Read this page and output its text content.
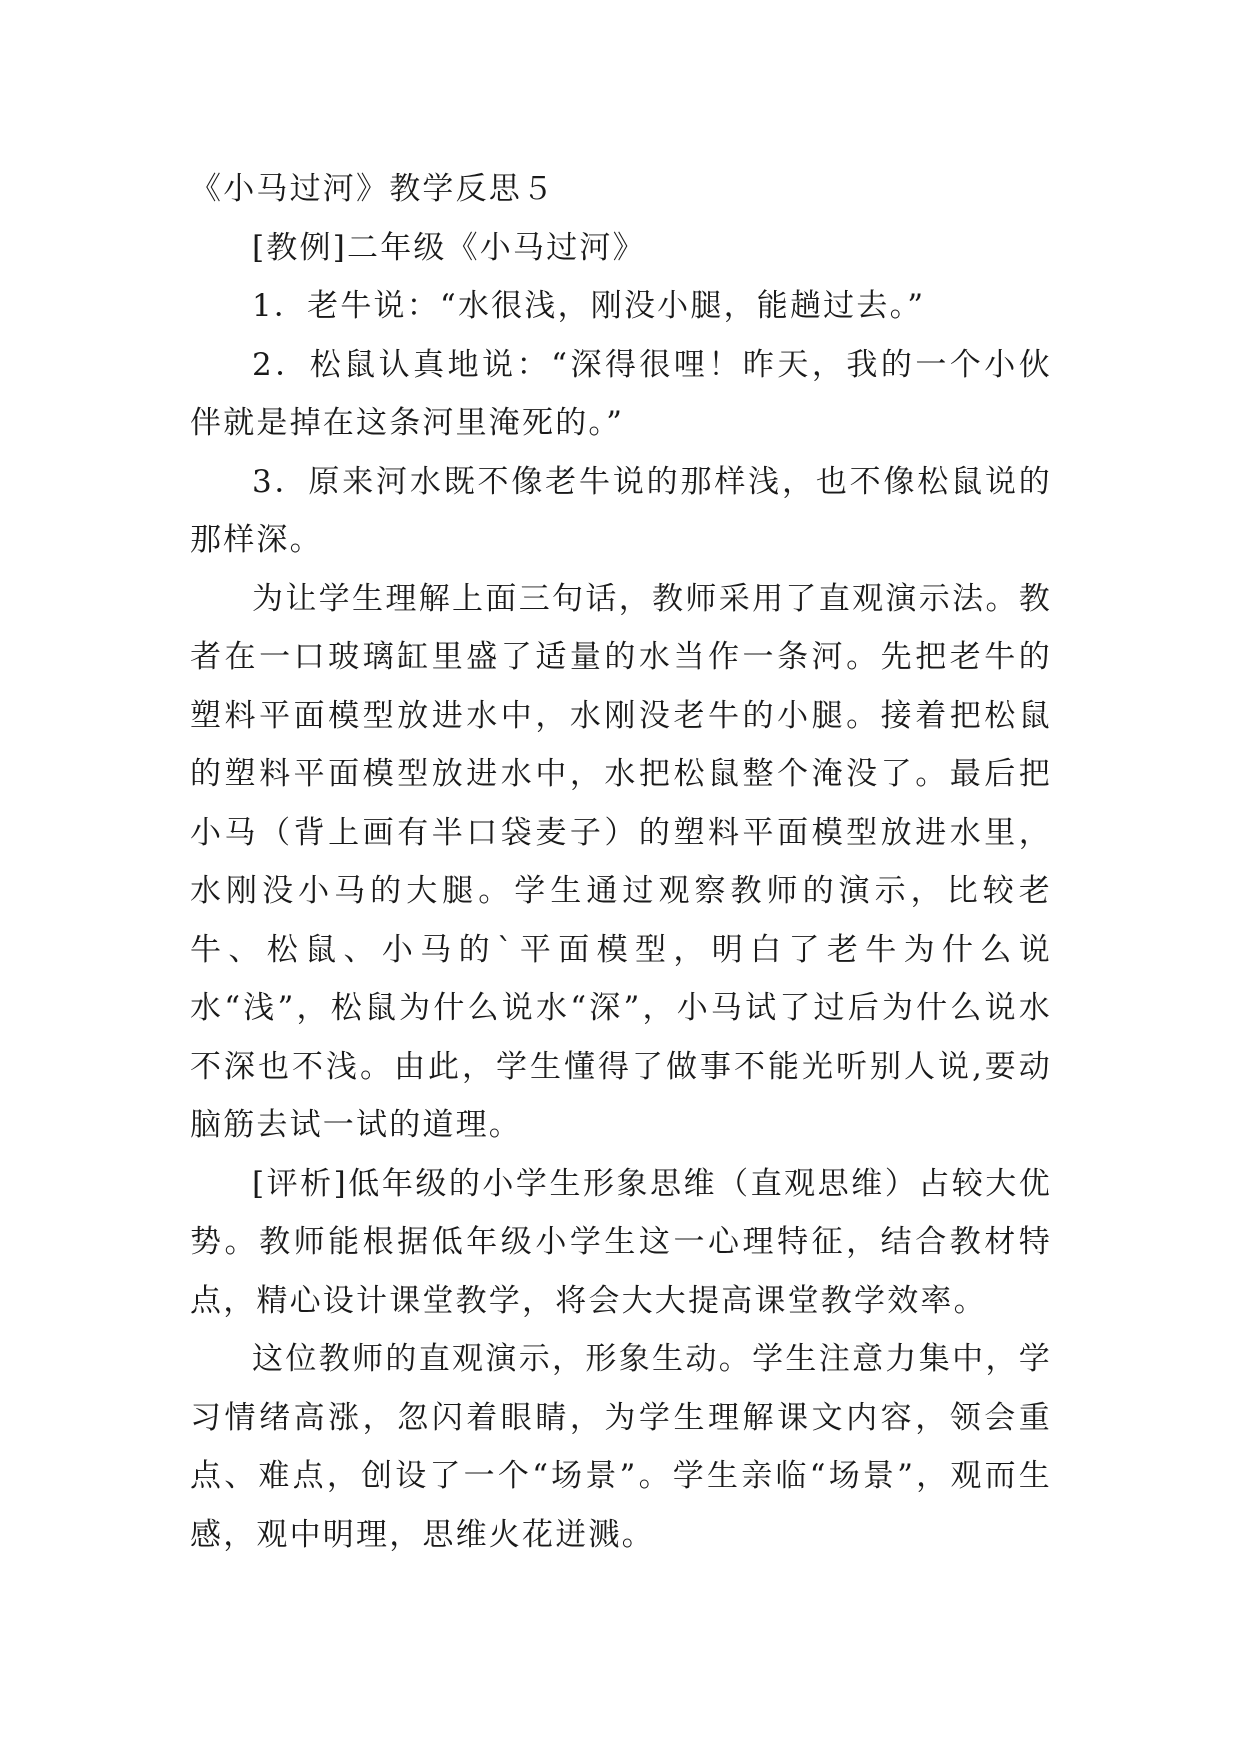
《小马过河》教学反思５

[教例]二年级《小马过河》

1．老牛说：“水很浅，刚没小腿，能趟过去。”

2．松鼠认真地说：“深得很哩！昨天，我的一个小伙伴就是掉在这条河里淹死的。”

3．原来河水既不像老牛说的那样浅，也不像松鼠说的那样深。

为让学生理解上面三句话，教师采用了直观演示法。教者在一口玻璃缸里盛了适量的水当作一条河。先把老牛的塑料平面模型放进水中，水刚没老牛的小腿。接着把松鼠的塑料平面模型放进水中，水把松鼠整个淹没了。最后把小马（背上画有半口袋麦子）的塑料平面模型放进水里，水刚没小马的大腿。学生通过观察教师的演示，比较老牛、松鼠、小马的`平面模型，明白了老牛为什么说水“浅”，松鼠为什么说水“深”，小马试了过后为什么说水不深也不浅。由此，学生懂得了做事不能光听别人说,要动脑筋去试一试的道理。

[评析]低年级的小学生形象思维（直观思维）占较大优势。教师能根据低年级小学生这一心理特征，结合教材特点，精心设计课堂教学，将会大大提高课堂教学效率。

这位教师的直观演示，形象生动。学生注意力集中，学习情绪高涨，忽闪着眼睛，为学生理解课文内容，领会重点、难点，创设了一个“场景”。学生亲临“场景”，观而生感，观中明理，思维火花迸溅。
